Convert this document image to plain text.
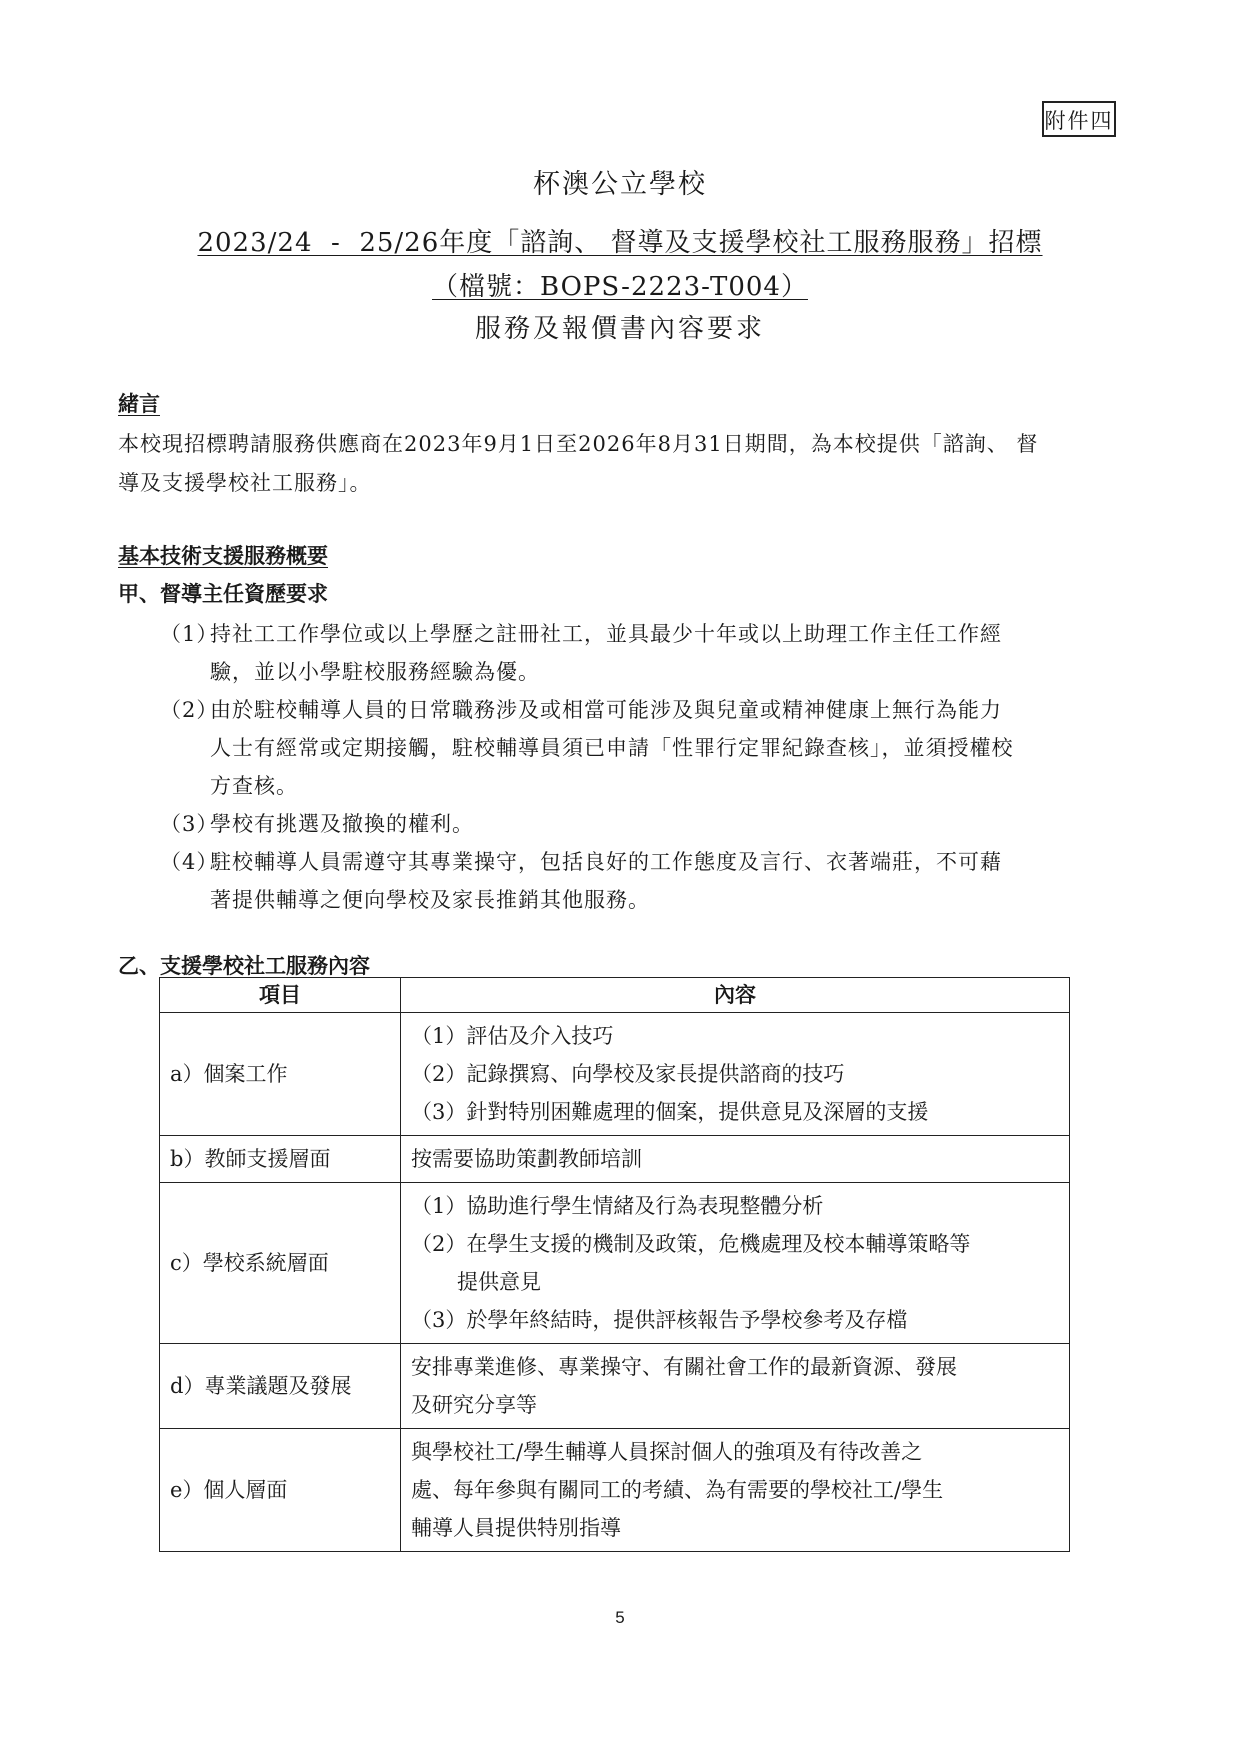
附件四
杯澳公立學校
2023/24  -  25/26年度「諮詢、 督導及支援學校社工服務服務」招標
（檔號：BOPS-2223-T004）
服務及報價書內容要求
緒言
本校現招標聘請服務供應商在2023年9月1日至2026年8月31日期間，為本校提供「諮詢、 督
導及支援學校社工服務」。
基本技術支援服務概要
甲、督導主任資歷要求
（1）
持社工工作學位或以上學歷之註冊社工，並具最少十年或以上助理工作主任工作經
驗，並以小學駐校服務經驗為優。
（2）
由於駐校輔導人員的日常職務涉及或相當可能涉及與兒童或精神健康上無行為能力
人士有經常或定期接觸，駐校輔導員須已申請「性罪行定罪紀錄查核」，並須授權校
方查核。
（3）
學校有挑選及撤換的權利。
（4）
駐校輔導人員需遵守其專業操守，包括良好的工作態度及言行、衣著端莊，不可藉
著提供輔導之便向學校及家長推銷其他服務。
乙、支援學校社工服務內容
項目	內容
a）個案工作	（1）評估及介入技巧
（2）記錄撰寫、向學校及家長提供諮商的技巧
（3）針對特別困難處理的個案，提供意見及深層的支援

b）教師支援層面	按需要協助策劃教師培訓

c）學校系統層面	（1）協助進行學生情緒及行為表現整體分析
（2）在學生支援的機制及政策，危機處理及校本輔導策略等
提供意見
（3）於學年終結時，提供評核報告予學校參考及存檔

d）專業議題及發展	安排專業進修、專業操守、有關社會工作的最新資源、發展
及研究分享等

e）個人層面	與學校社工/學生輔導人員探討個人的強項及有待改善之
處、每年參與有關同工的考績、為有需要的學校社工/學生
輔導人員提供特別指導
5
